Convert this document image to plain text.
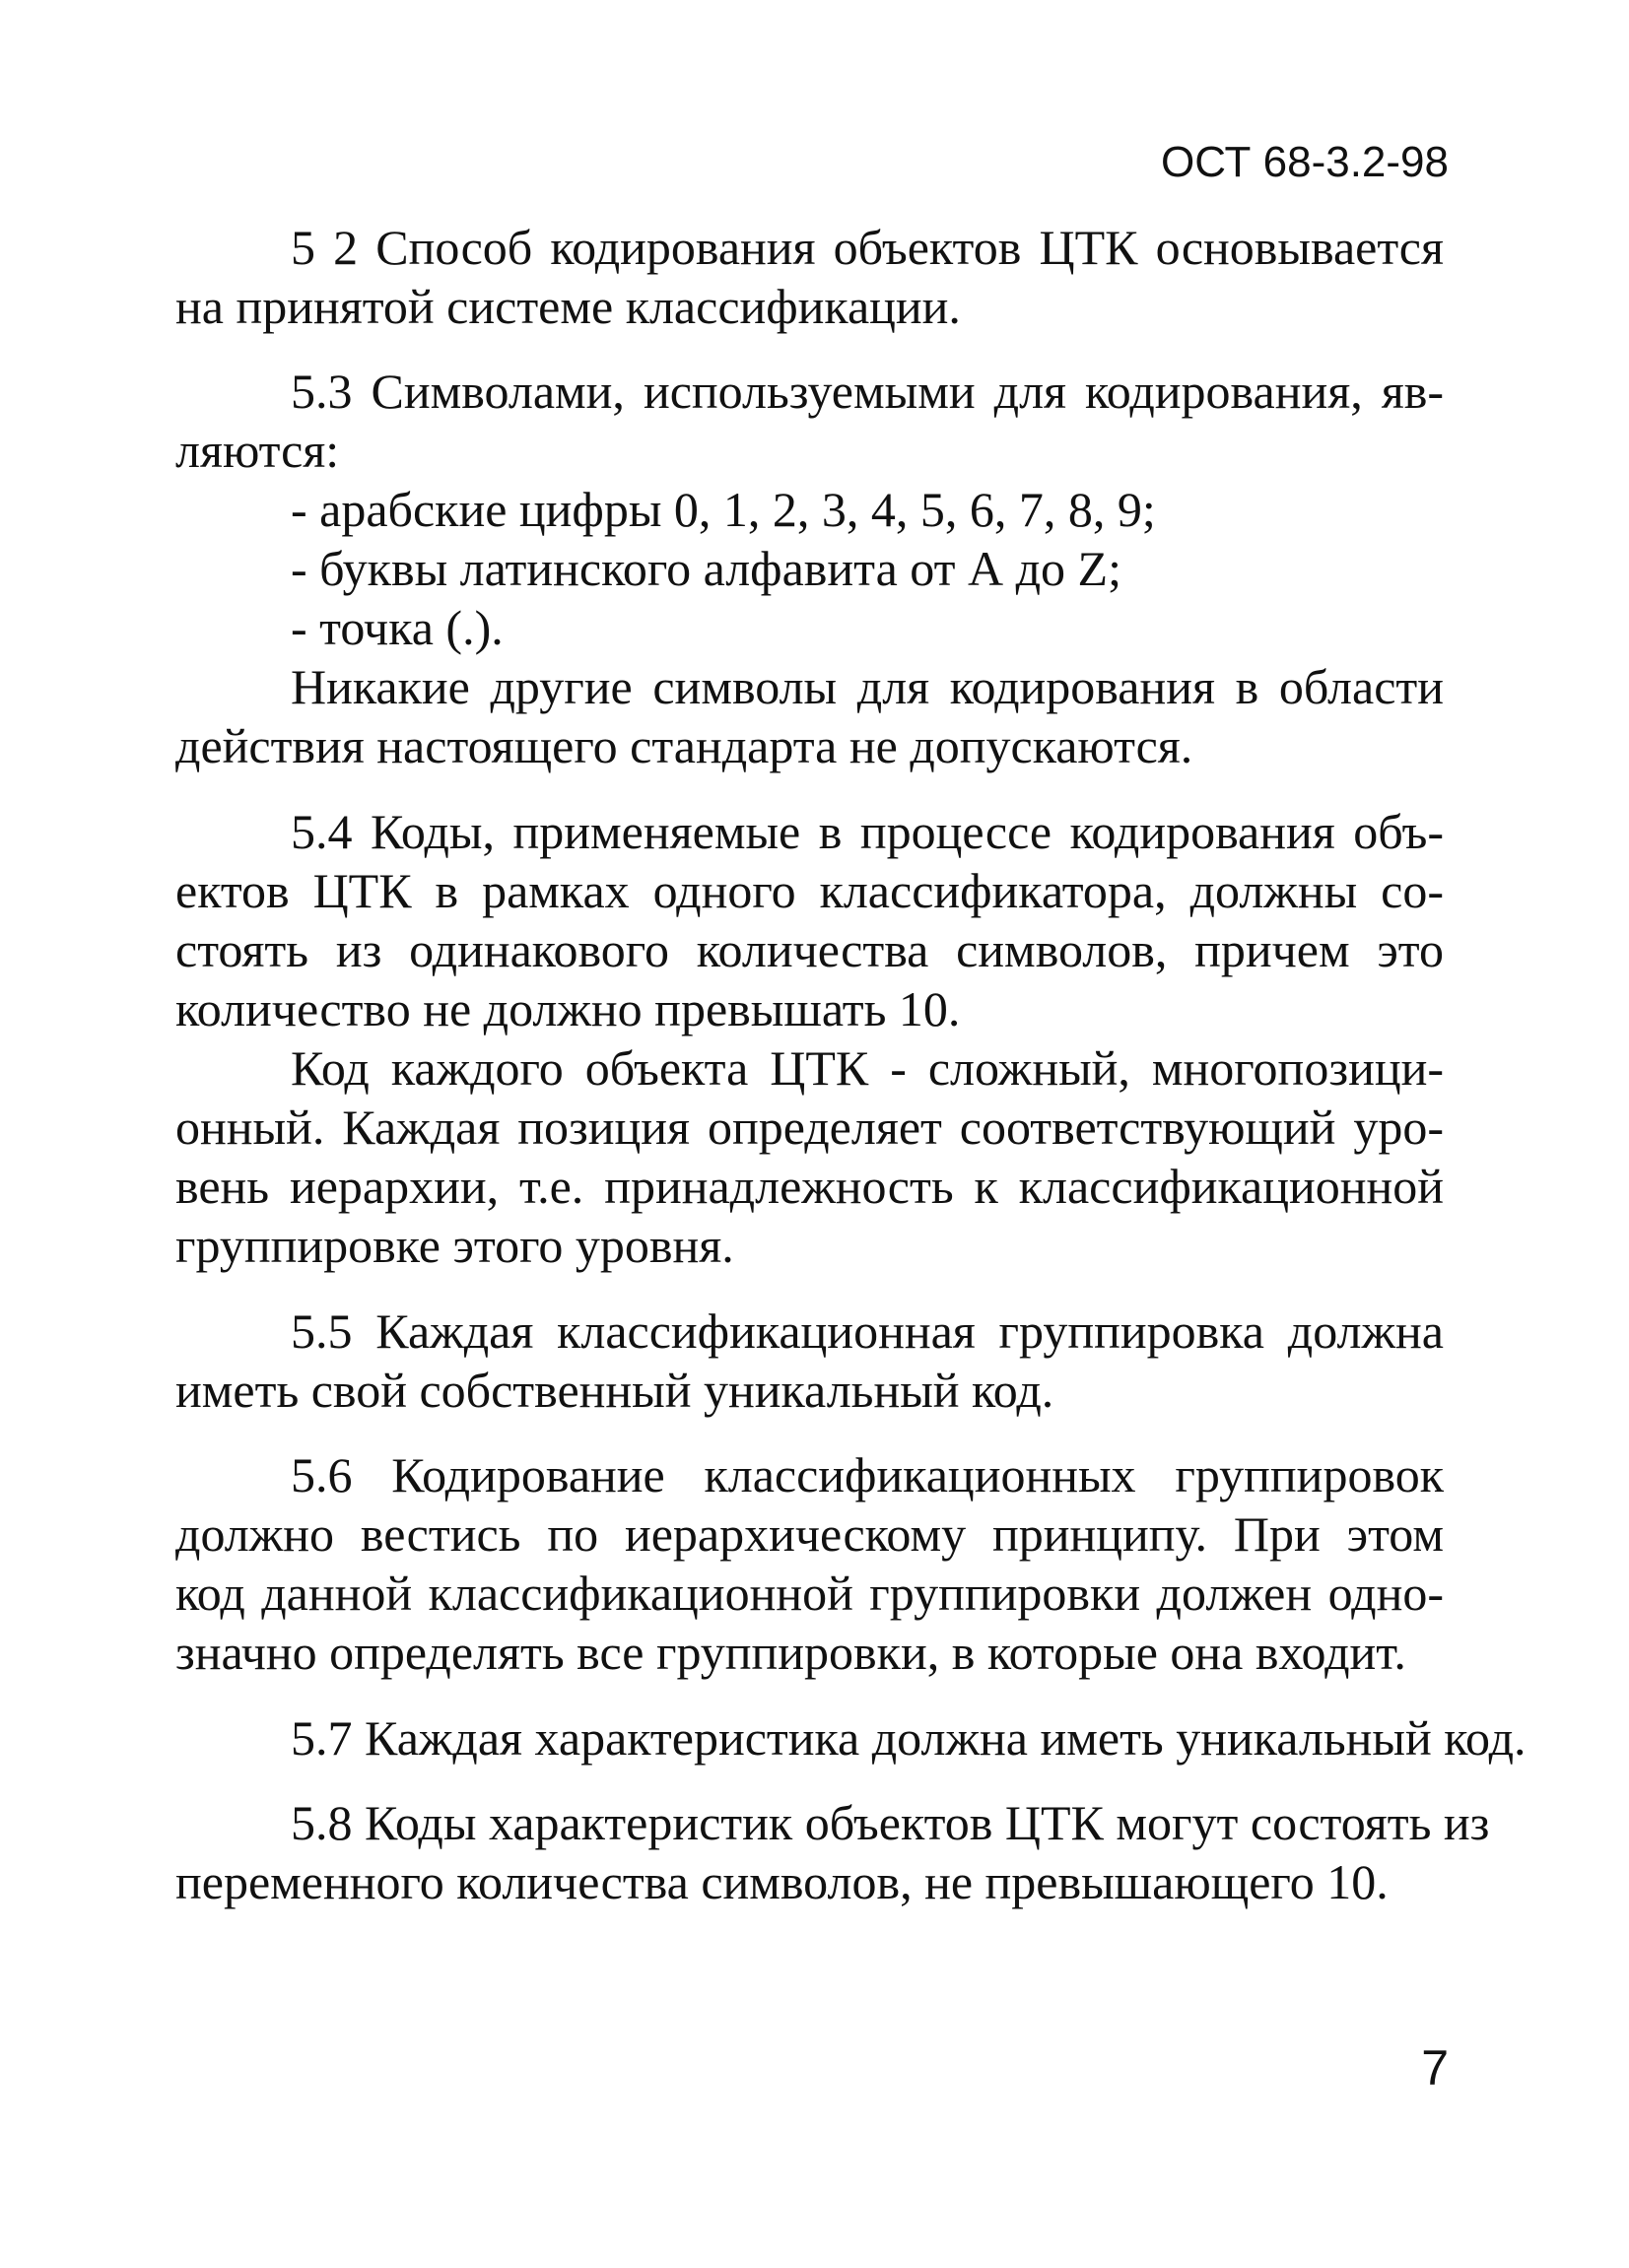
ОСТ 68-3.2-98
5 2 Способ кодирования объектов ЦТК основывается
на принятой системе классификации.
5.3 Символами, используемыми для кодирования, яв-
ляются:
- арабские цифры 0, 1, 2, 3, 4, 5, 6, 7, 8, 9;
- буквы латинского алфавита от А до Z;
- точка (.).
Никакие другие символы для кодирования в области
действия настоящего стандарта не допускаются.
5.4 Коды, применяемые в процессе кодирования объ-
ектов ЦТК в рамках одного классификатора, должны со-
стоять из одинакового количества символов, причем это
количество не должно превышать 10.
Код каждого объекта ЦТК - сложный, многопозици-
онный. Каждая позиция определяет соответствующий уро-
вень иерархии, т.е. принадлежность к классификационной
группировке этого уровня.
5.5 Каждая классификационная группировка должна
иметь свой собственный уникальный код.
5.6 Кодирование классификационных группировок
должно вестись по иерархическому принципу. При этом
код данной классификационной группировки должен одно-
значно определять все группировки, в которые она входит.
5.7 Каждая характеристика должна иметь уникальный код.
5.8 Коды характеристик объектов ЦТК могут состоять из
переменного количества символов, не превышающего 10.
7
